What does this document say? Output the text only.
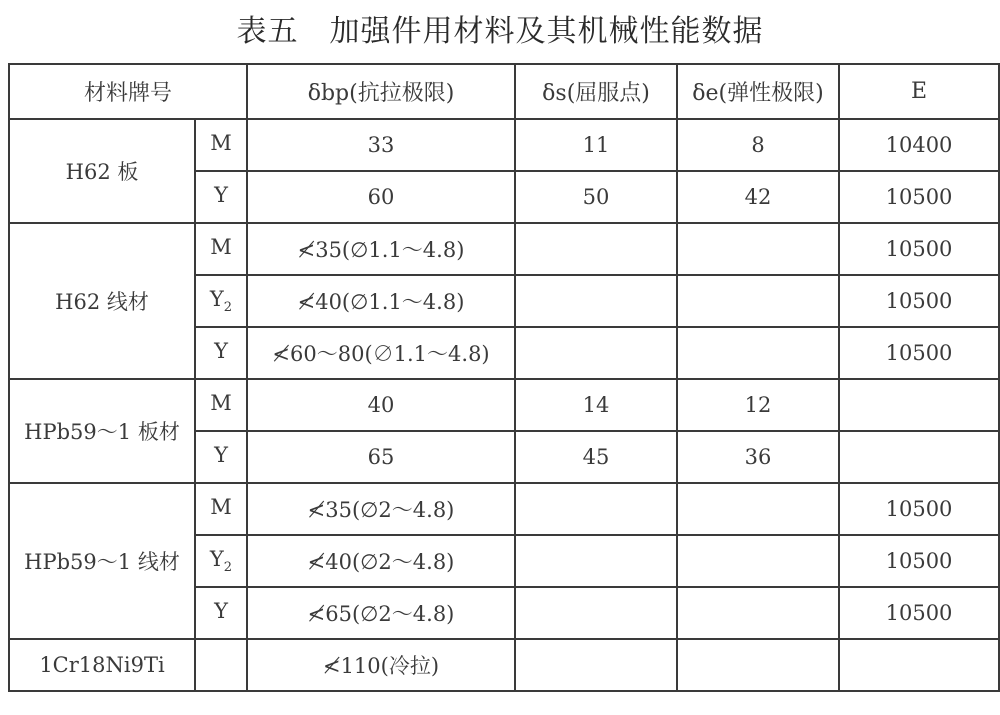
表五　加强件用材料及其机械性能数据
材料牌号		δbp(抗拉极限)	δs(屈服点)	δe(弹性极限)	E
H62 板	M	33	11	8	10400
	Y	60	50	42	10500
H62 线材	M	≮35(∅1.1～4.8)			10500
	$Y_2$	≮40(∅1.1～4.8)			10500
	Y	≮60～80(∅1.1～4.8)			10500
HPb59～1 板材	M	40	14	12	
	Y	65	45	36	
HPb59～1 线材	M	≮35(∅2～4.8)			10500
	$Y_2$	≮40(∅2～4.8)			10500
	Y	≮65(∅2～4.8)			10500
1Cr18Ni9Ti		≮110(冷拉)			
